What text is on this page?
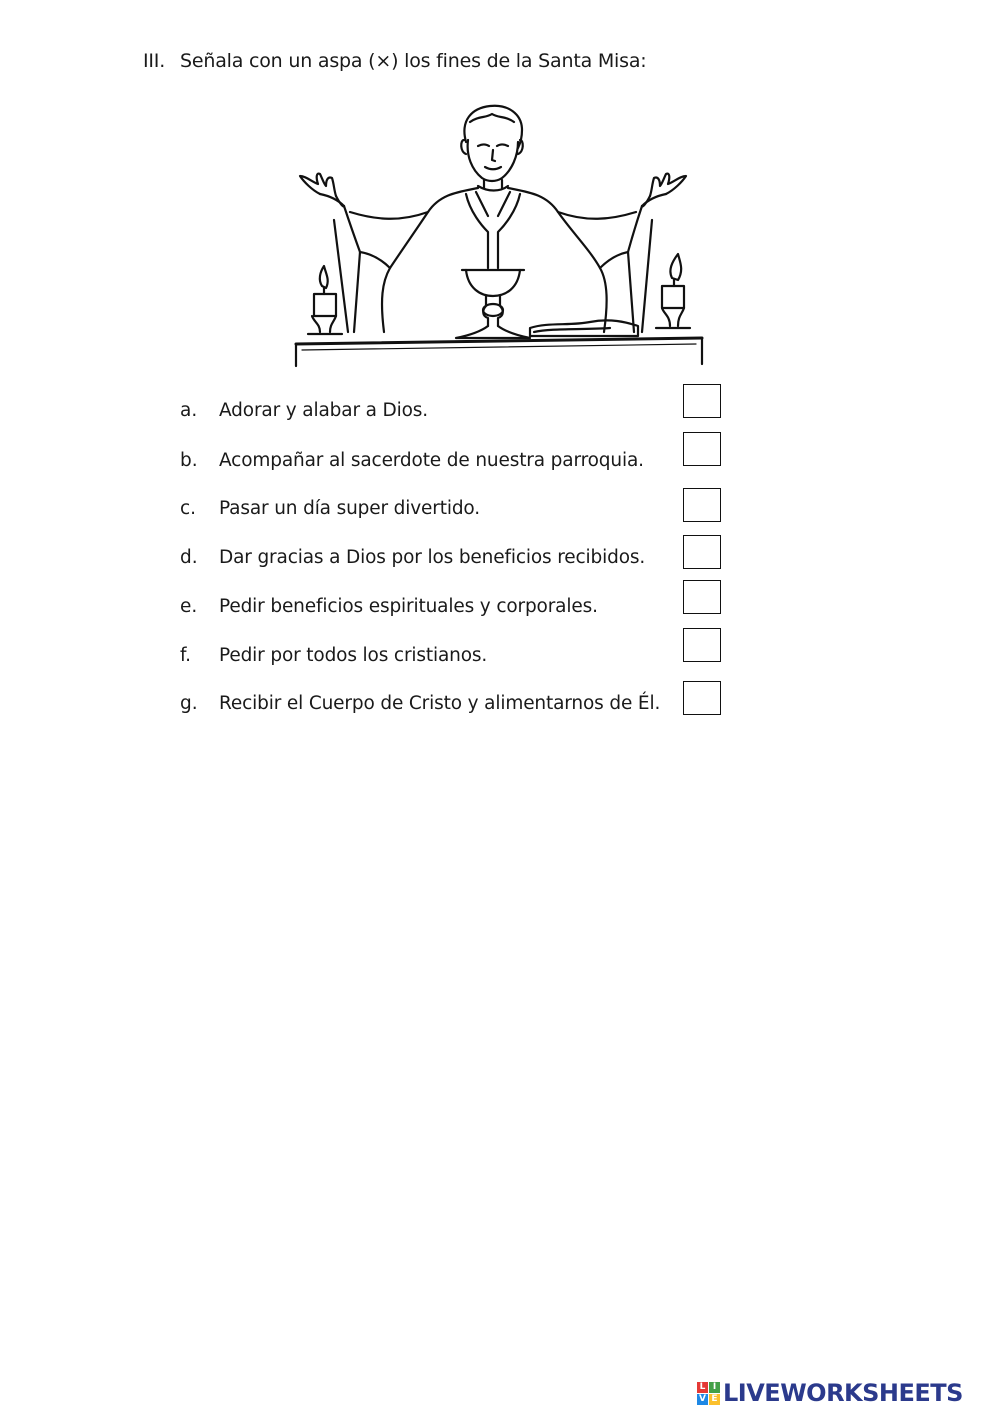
III. Señala con un aspa (×) los fines de la Santa Misa:
a. Adorar y alabar a Dios.
b. Acompañar al sacerdote de nuestra parroquia.
c. Pasar un día super divertido.
d. Dar gracias a Dios por los beneficios recibidos.
e. Pedir beneficios espirituales y corporales.
f. Pedir por todos los cristianos.
g. Recibir el Cuerpo de Cristo y alimentarnos de Él.
L I
V E LIVEWORKSHEETS
